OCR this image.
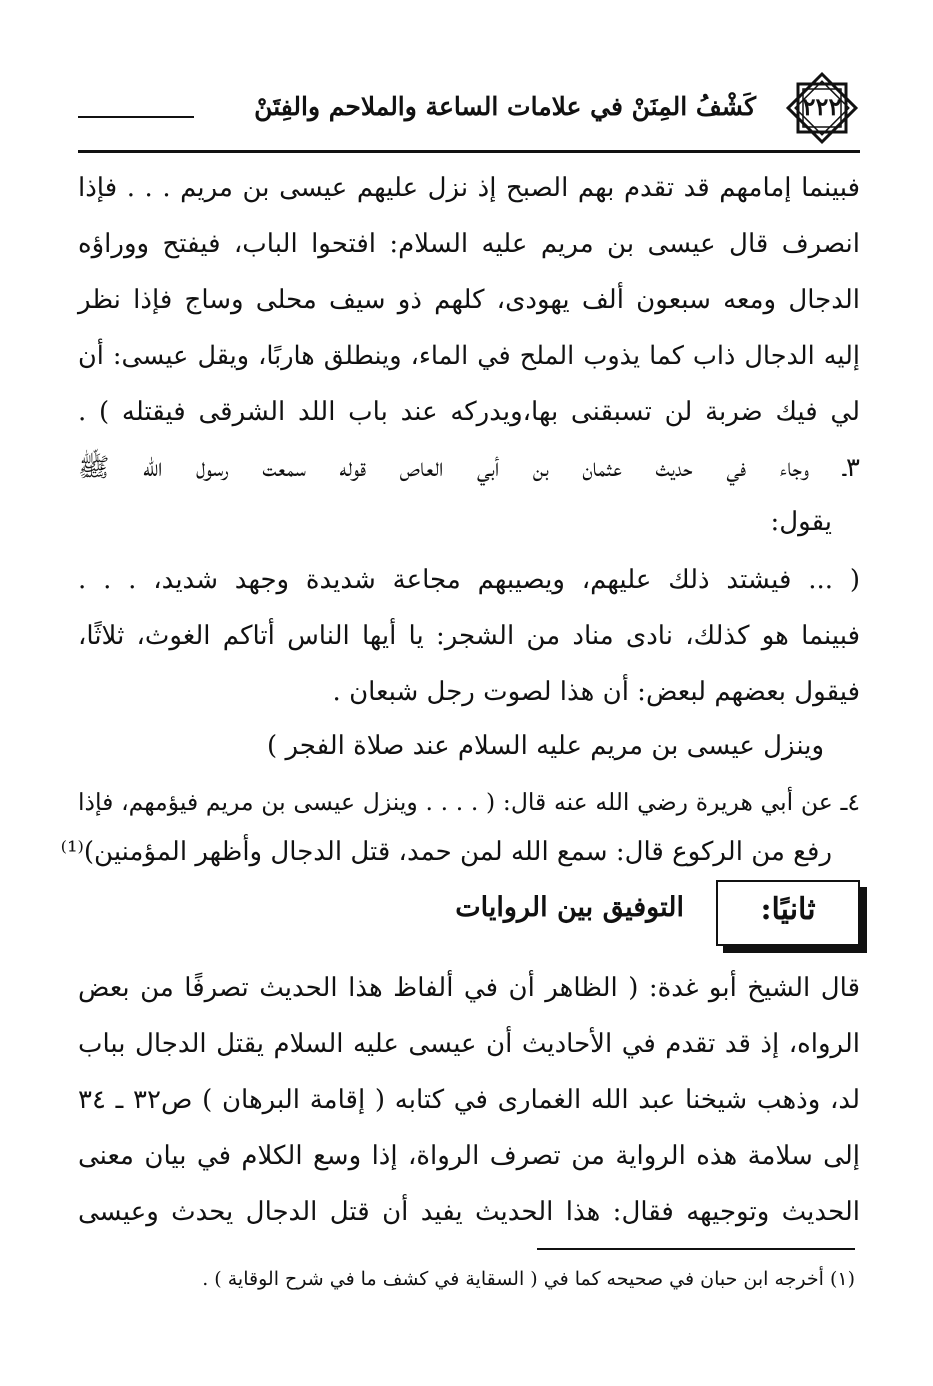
٢٢٢
كَشْفُ المِنَنْ في علامات الساعة والملاحم والفِتَنْ
فبينما إمامهم قد تقدم بهم الصبح إذ نزل عليهم عيسى بن مريم . . . فإذا
انصرف قال عيسى بن مريم عليه السلام: افتحوا الباب، فيفتح ووراؤه
الدجال ومعه سبعون ألف يهودى، كلهم ذو سيف محلى وساج فإذا نظر
إليه الدجال ذاب كما يذوب الملح في الماء، وينطلق هاربًا، ويقل عيسى: أن
لي فيك ضربة لن تسبقنى بها،ويدركه عند باب اللد الشرقى فيقتله ) .
٣ـ وجاء في حديث عثمان بن أبي العاص قوله سمعت رسول الله ﷺ
يقول:
( ... فيشتد ذلك عليهم، ويصيبهم مجاعة شديدة وجهد شديد، . . .
فبينما هو كذلك، نادى مناد من الشجر: يا أيها الناس أتاكم الغوث، ثلاثًا،
فيقول بعضهم لبعض: أن هذا لصوت رجل شبعان .
وينزل عيسى بن مريم عليه السلام عند صلاة الفجر )
٤ـ عن أبي هريرة رضي الله عنه قال: ( . . . . وينزل عيسى بن مريم فيؤمهم، فإذا
رفع من الركوع قال: سمع الله لمن حمد، قتل الدجال وأظهر المؤمنين)⁽¹⁾
ثانيًا:
التوفيق بين الروايات
قال الشيخ أبو غدة: ( الظاهر أن في ألفاظ هذا الحديث تصرفًا من بعض
الرواه، إذ قد تقدم في الأحاديث أن عيسى عليه السلام يقتل الدجال بباب
لد، وذهب شيخنا عبد الله الغمارى في كتابه ( إقامة البرهان ) ص٣٢ ـ ٣٤
إلى سلامة هذه الرواية من تصرف الرواة، إذا وسع الكلام في بيان معنى
الحديث وتوجيهه فقال: هذا الحديث يفيد أن قتل الدجال يحدث وعيسى
(١) أخرجه ابن حبان في صحيحه كما في ( السقاية في كشف ما في شرح الوقاية ) .
